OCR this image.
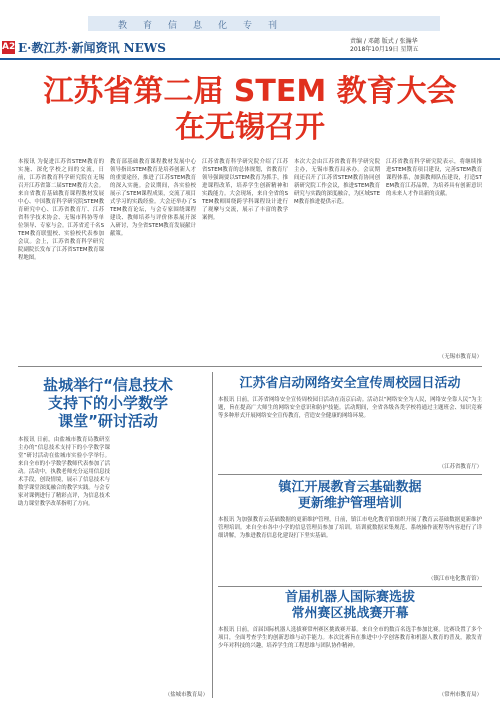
教育信息化专刊
A2 E·教江苏·新闻资讯 NEWS	责编 / 邓懿 版式 / 张瀚华
2018年10月19日 星期五
江苏省第二届 STEM 教育大会
在无锡召开
本报讯 为促进江苏省STEM教育的实施、深化学校之间的交流，日前，江苏省教育科学研究院在无锡召开江苏省第二届STEM教育大会。来自省教育基础教育课程教材发展中心、中国教育科学研究院STEM教育研究中心、江苏省教育厅、江苏省科学技术协会、无锡市科协等单位领导、专家与会。江苏省近千名STEM教育联盟校、实验校代表参加会议。会上，江苏省教育科学研究院副院长发布了江苏省STEM教育课程地图。
教育部基础教育课程教材发展中心领导指出STEM教育是培养创新人才的重要途径，推进了江苏STEM教育的深入实施。会议期间，各实验校展示了STEM课程成果，交流了项目式学习的实践经验。大会还举办了STEM教育论坛，与会专家围绕课程建设、教师培养与评价体系展开深入研讨，为全省STEM教育发展献计献策。
江苏省教育科学研究院介绍了江苏省STEM教育的总体规划，省教育厅领导强调要以STEM教育为抓手，推进课程改革，培养学生创新精神和实践能力。大会现场，来自全省的STEM教师围绕跨学科课程设计进行了观摩与交流，展示了丰富的教学案例。
本次大会由江苏省教育科学研究院主办，无锡市教育局承办。会议期间还召开了江苏省STEM教育协同创新研究院工作会议，推进STEM教育研究与实践的深度融合，为区域STEM教育推进提供示范。
江苏省教育科学研究院表示，将继续推进STEM教育项目建设，完善STEM教育课程体系，加强教师队伍建设，打造STEM教育江苏品牌，为培养具有创新意识的未来人才作出新的贡献。
（无锡市教育局）
盐城举行“信息技术
支持下的小学数学
课堂”研讨活动
本报讯 日前，由盐城市教育局教研室主办的“信息技术支持下的小学数学课堂”研讨活动在盐城市实验小学举行。来自全市的小学数学教师代表参加了活动。活动中，执教老师充分运用信息技术手段，创设情境，展示了信息技术与数学课堂深度融合的教学实践。与会专家对课例进行了精彩点评，为信息技术助力课堂教学改革指明了方向。
（盐城市教育局）
江苏省启动网络安全宣传周校园日活动
本报讯 日前，江苏省网络安全宣传周校园日活动在南京启动。活动以“网络安全为人民，网络安全靠人民”为主题，旨在提高广大师生的网络安全意识和防护技能。活动期间，全省各级各类学校将通过主题班会、知识竞赛等多种形式开展网络安全宣传教育，营造安全健康的网络环境。
（江苏省教育厅）
镇江开展教育云基础数据
更新维护管理培训
本报讯 为加强教育云基础数据的更新维护管理，日前，镇江市电化教育馆组织开展了教育云基础数据更新维护管理培训。来自全市各中小学的信息管理员参加了培训。培训就数据采集规范、系统操作流程等内容进行了详细讲解，为推进教育信息化建设打下坚实基础。
（镇江市电化教育馆）
首届机器人国际赛选拔
常州赛区挑战赛开幕
本报讯 日前，首届国际机器人选拔赛常州赛区挑战赛开幕。来自全市的数百名选手参加比赛。比赛设置了多个项目，全面考查学生的创新思维与动手能力。本次比赛旨在推进中小学创客教育和机器人教育的普及，激发青少年对科技的兴趣，培养学生的工程思维与团队协作精神。
（常州市教育局）
